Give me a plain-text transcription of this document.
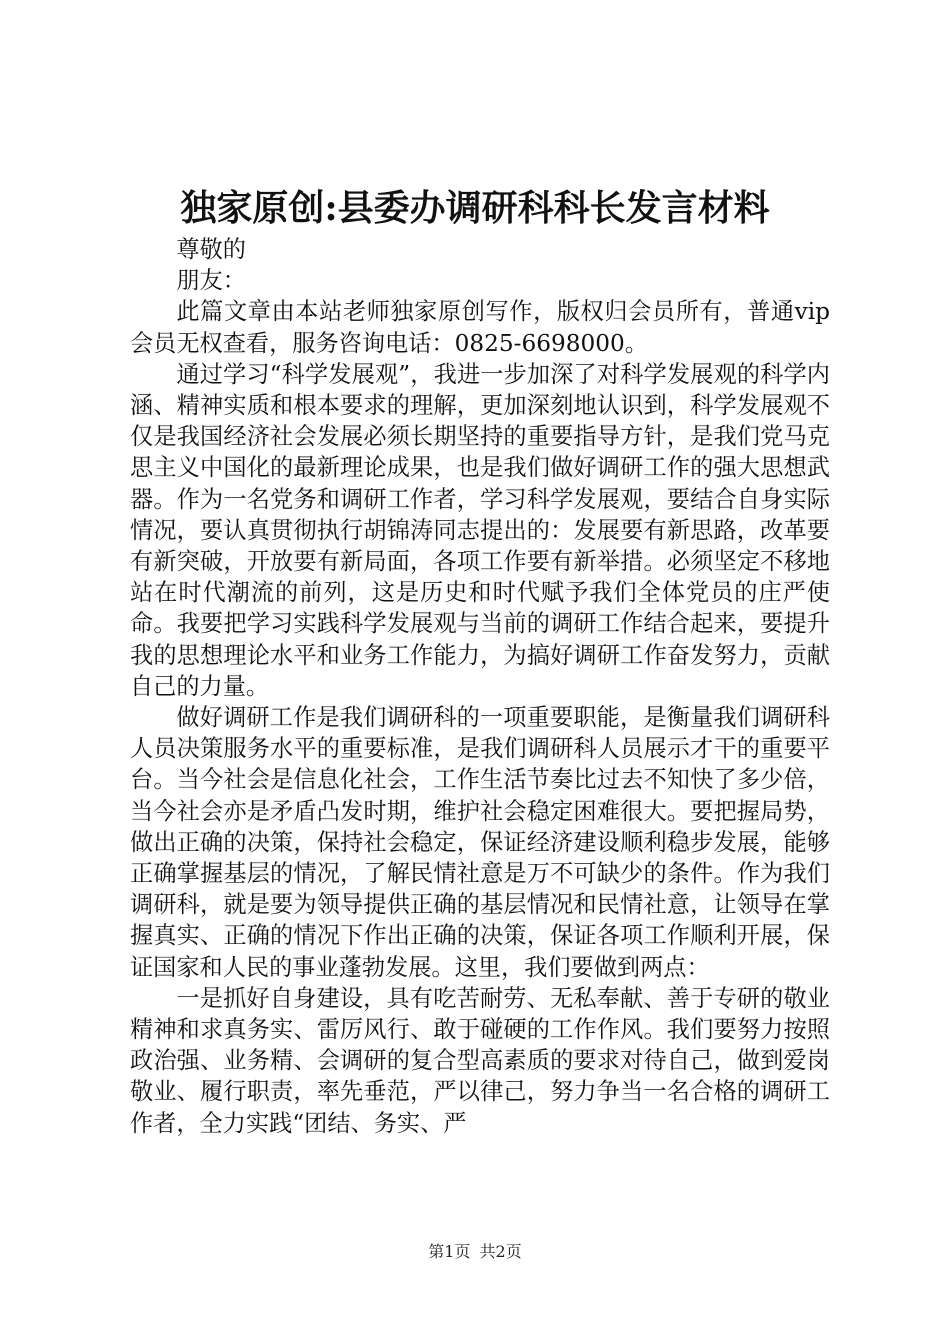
独家原创:县委办调研科科长发言材料

尊敬的

朋友：

此篇文章由本站老师独家原创写作，版权归会员所有，普通vip会员无权查看，服务咨询电话：0825-6698000。

通过学习“科学发展观”，我进一步加深了对科学发展观的科学内涵、精神实质和根本要求的理解，更加深刻地认识到，科学发展观不仅是我国经济社会发展必须长期坚持的重要指导方针，是我们党马克思主义中国化的最新理论成果，也是我们做好调研工作的强大思想武器。作为一名党务和调研工作者，学习科学发展观，要结合自身实际情况，要认真贯彻执行胡锦涛同志提出的：发展要有新思路，改革要有新突破，开放要有新局面，各项工作要有新举措。必须坚定不移地站在时代潮流的前列，这是历史和时代赋予我们全体党员的庄严使命。我要把学习实践科学发展观与当前的调研工作结合起来，要提升我的思想理论水平和业务工作能力，为搞好调研工作奋发努力，贡献自己的力量。

做好调研工作是我们调研科的一项重要职能，是衡量我们调研科人员决策服务水平的重要标准，是我们调研科人员展示才干的重要平台。当今社会是信息化社会，工作生活节奏比过去不知快了多少倍，当今社会亦是矛盾凸发时期，维护社会稳定困难很大。要把握局势，做出正确的决策，保持社会稳定，保证经济建设顺利稳步发展，能够正确掌握基层的情况，了解民情社意是万不可缺少的条件。作为我们调研科，就是要为领导提供正确的基层情况和民情社意，让领导在掌握真实、正确的情况下作出正确的决策，保证各项工作顺利开展，保证国家和人民的事业蓬勃发展。这里，我们要做到两点：

一是抓好自身建设，具有吃苦耐劳、无私奉献、善于专研的敬业精神和求真务实、雷厉风行、敢于碰硬的工作作风。我们要努力按照政治强、业务精、会调研的复合型高素质的要求对待自己，做到爱岗敬业、履行职责，率先垂范，严以律己，努力争当一名合格的调研工作者，全力实践“团结、务实、严

第1页 共2页
